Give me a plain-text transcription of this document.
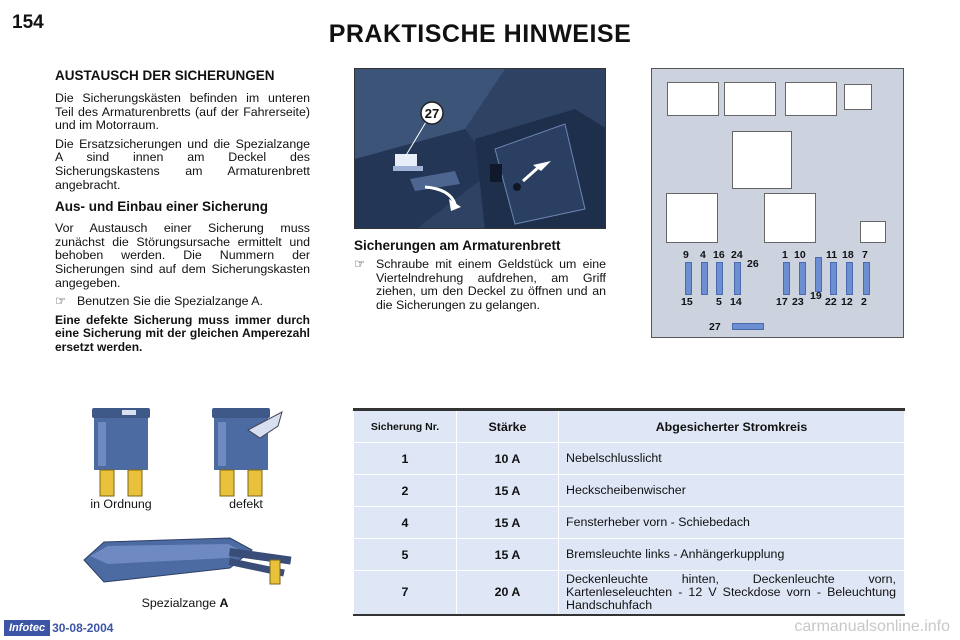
154	PRAKTISCHE HINWEISE
AUSTAUSCH DER SICHERUNGEN

Die Sicherungskästen befinden im unteren Teil des Armaturenbretts (auf der Fahrerseite) und im Motorraum.

Die Ersatzsicherungen und die Spezialzange A sind innen am Deckel des Sicherungskastens am Armaturenbrett angebracht.

Aus- und Einbau einer Sicherung

Vor Austausch einer Sicherung muss zunächst die Störungsursache ermittelt und behoben werden. Die Nummern der Sicherungen sind auf dem Sicherungskasten angegeben.

☞ Benutzen Sie die Spezialzange A.

Eine defekte Sicherung muss immer durch eine Sicherung mit der gleichen Amperezahl ersetzt werden.

27
Sicherungen am Armaturenbrett
☞ Schraube mit einem Geldstück um eine Viertelndrehung aufdrehen, am Griff ziehen, um den Deckel zu öffnen und an die Sicherungen zu gelangen.
9 4 16 24
26
1 10 11 18 7
15 5 14	17 23 19 22 12 2
27
in Ordnung	defekt
Spezialzange A
Sicherung Nr.	Stärke	Abgesicherter Stromkreis
1	10 A	Nebelschlusslicht
2	15 A	Heckscheibenwischer
4	15 A	Fensterheber vorn - Schiebedach
5	15 A	Bremsleuchte links - Anhängerkupplung
7	20 A	Deckenleuchte hinten, Deckenleuchte vorn, Kartenleseleuchten - 12 V Steckdose vorn - Beleuchtung Handschuhfach
Infotec 30-08-2004	carmanualsonline.info
